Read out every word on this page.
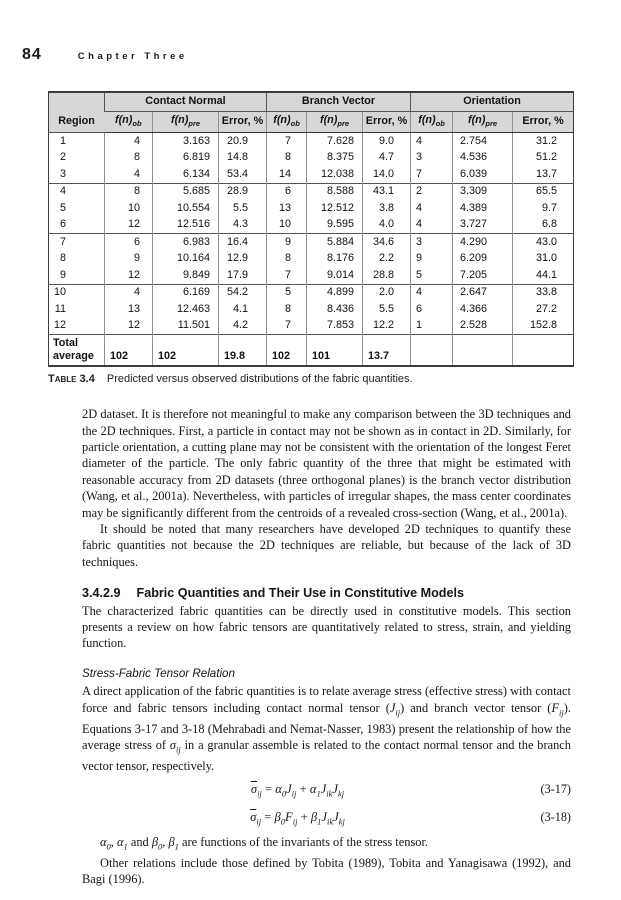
84	Chapter Three
Region	Contact Normal			Branch Vector			Orientation		
	$f(n)_{ob}$	$f(n)_{pre}$	Error, %	$f(n)_{ob}$	$f(n)_{pre}$	Error, %	$f(n)_{ob}$	$f(n)_{pre}$	Error, %
1	4	3.163	20.9	7	7.628	9.0	4	2.754	31.2
2	8	6.819	14.8	8	8.375	4.7	3	4.536	51.2
3	4	6.134	53.4	14	12.038	14.0	7	6.039	13.7
4	8	5.685	28.9	6	8.588	43.1	2	3.309	65.5
5	10	10.554	5.5	13	12.512	3.8	4	4.389	9.7
6	12	12.516	4.3	10	9.595	4.0	4	3.727	6.8
7	6	6.983	16.4	9	5.884	34.6	3	4.290	43.0
8	9	10.164	12.9	8	8.176	2.2	9	6.209	31.0
9	12	9.849	17.9	7	9.014	28.8	5	7.205	44.1
10	4	6.169	54.2	5	4.899	2.0	4	2.647	33.8
11	13	12.463	4.1	8	8.436	5.5	6	4.366	27.2
12	12	11.501	4.2	7	7.853	12.2	1	2.528	152.8

Total
average	102	102	19.8	102	101	13.7			
Table 3.4 Predicted versus observed distributions of the fabric quantities.

2D dataset. It is therefore not meaningful to make any comparison between the 3D techniques and the 2D techniques. First, a particle in contact may not be shown as in contact in 2D. Similarly, for particle orientation, a cutting plane may not be consistent with the orientation of the longest Feret diameter of the particle. The only fabric quantity of the three that might be estimated with reasonable accuracy from 2D datasets (three orthogonal planes) is the branch vector distribution (Wang, et al., 2001a). Nevertheless, with particles of irregular shapes, the mass center coordinates may be significantly different from the centroids of a revealed cross-section (Wang, et al., 2001a).

It should be noted that many researchers have developed 2D techniques to quantify these fabric quantities not because the 2D techniques are reliable, but because of the lack of 3D techniques.

3.4.2.9 Fabric Quantities and Their Use in Constitutive Models

The characterized fabric quantities can be directly used in constitutive models. This section presents a review on how fabric tensors are quantitatively related to stress, strain, and yielding function.

Stress-Fabric Tensor Relation

A direct application of the fabric quantities is to relate average stress (effective stress) with contact force and fabric tensors including contact normal tensor $(J_{ij})$ and branch vector tensor $(F_{ij})$. Equations 3-17 and 3-18 (Mehrabadi and Nemat-Nasser, 1983) present the relationship of how the average stress of $\sigma_{ij}$ in a granular assemble is related to the contact normal tensor and the branch vector tensor, respectively.

$\overline{\sigma}_{ij} = \alpha_0J_{ij} + \alpha_1J_{ik}J_{kj}$	(3-17)
$\overline{\sigma}_{ij} = \beta_0F_{ij} + \beta_1J_{ik}J_{kj}$	(3-18)

$\alpha_0$, $\alpha_1$ and $\beta_0$, $\beta_1$ are functions of the invariants of the stress tensor.

Other relations include those defined by Tobita (1989), Tobita and Yanagisawa (1992), and Bagi (1996).
